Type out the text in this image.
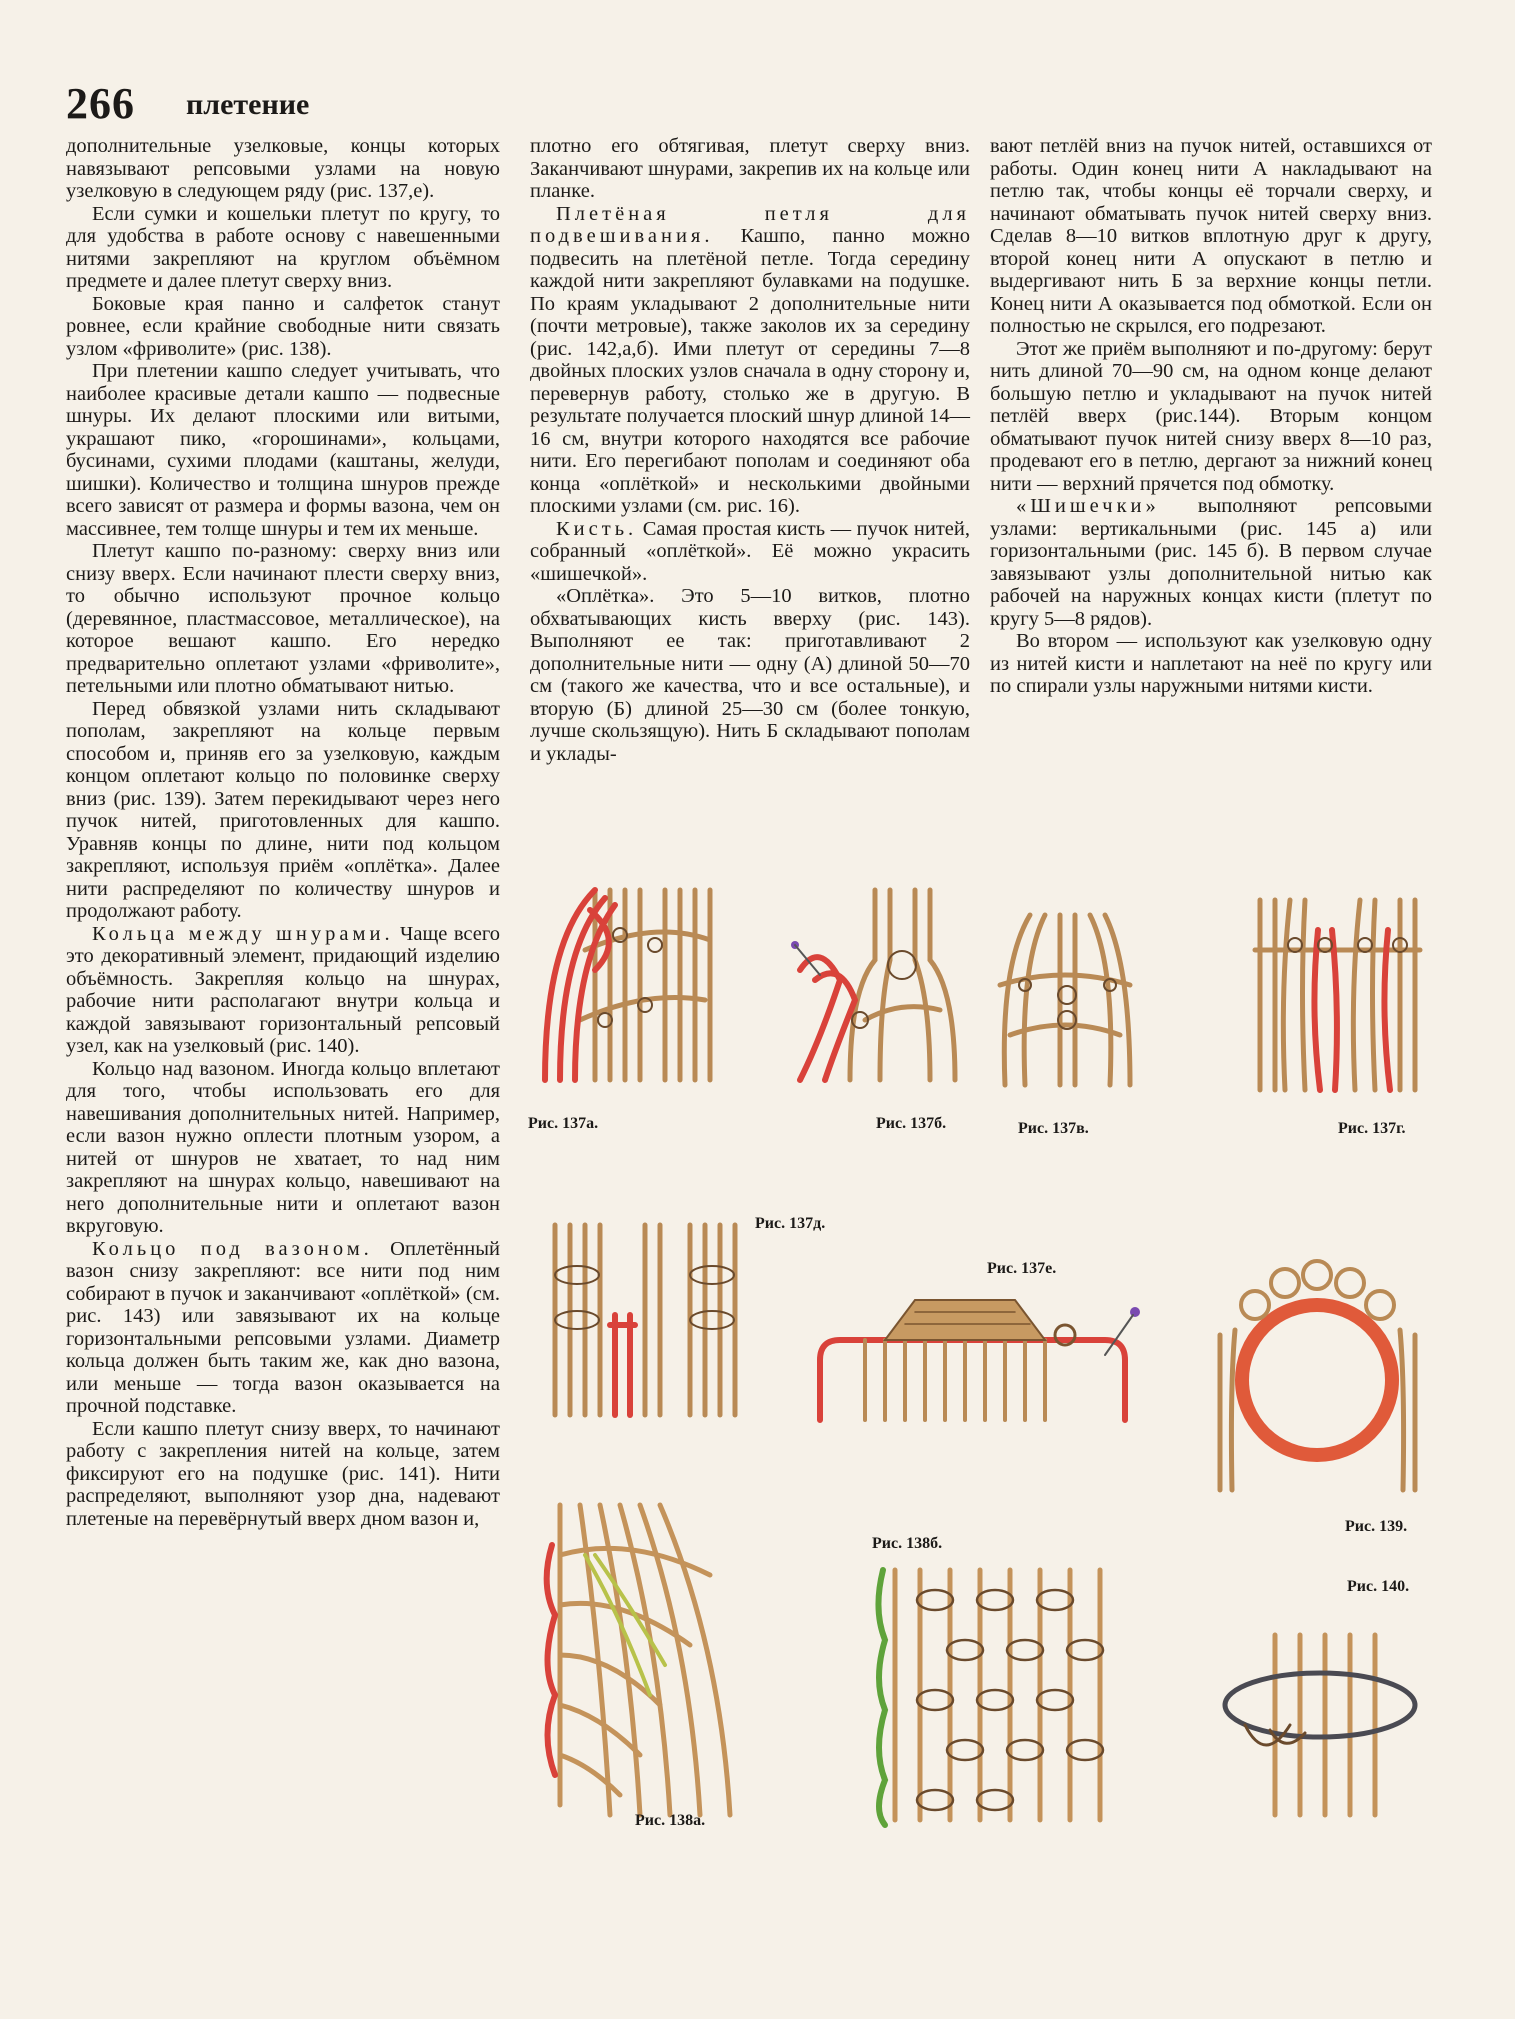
266 плетение

дополнительные узелковые, концы которых навязывают репсовыми узлами на новую узелковую в следующем ряду (рис. 137,е).

Если сумки и кошельки плетут по кругу, то для удобства в работе основу с навешенными нитями закрепляют на круглом объёмном предмете и далее плетут сверху вниз.

Боковые края панно и салфеток станут ровнее, если крайние свободные нити связать узлом «фриволите» (рис. 138).

При плетении кашпо следует учитывать, что наиболее красивые детали кашпо — подвесные шнуры. Их делают плоскими или витыми, украшают пико, «горошинами», кольцами, бусинами, сухими плодами (каштаны, желуди, шишки). Количество и толщина шнуров прежде всего зависят от размера и формы вазона, чем он массивнее, тем толще шнуры и тем их меньше.

Плетут кашпо по-разному: сверху вниз или снизу вверх. Если начинают плести сверху вниз, то обычно используют прочное кольцо (деревянное, пластмассовое, металлическое), на которое вешают кашпо. Его нередко предварительно оплетают узлами «фриволите», петельными или плотно обматывают нитью.

Перед обвязкой узлами нить складывают пополам, закрепляют на кольце первым способом и, приняв его за узелковую, каждым концом оплетают кольцо по половинке сверху вниз (рис. 139). Затем перекидывают через него пучок нитей, приготовленных для кашпо. Уравняв концы по длине, нити под кольцом закрепляют, используя приём «оплётка». Далее нити распределяют по количеству шнуров и продолжают работу.

Кольца между шнурами. Чаще всего это декоративный элемент, придающий изделию объёмность. Закрепляя кольцо на шнурах, рабочие нити располагают внутри кольца и каждой завязывают горизонтальный репсовый узел, как на узелковый (рис. 140).

Кольцо над вазоном. Иногда кольцо вплетают для того, чтобы использовать его для навешивания дополнительных нитей. Например, если вазон нужно оплести плотным узором, а нитей от шнуров не хватает, то над ним закрепляют на шнурах кольцо, навешивают на него дополнительные нити и оплетают вазон вкруговую.

Кольцо под вазоном. Оплетённый вазон снизу закрепляют: все нити под ним собирают в пучок и заканчивают «оплёткой» (см. рис. 143) или завязывают их на кольце горизонтальными репсовыми узлами. Диаметр кольца должен быть таким же, как дно вазона, или меньше — тогда вазон оказывается на прочной подставке.

Если кашпо плетут снизу вверх, то начинают работу с закрепления нитей на кольце, затем фиксируют его на подушке (рис. 141). Нити распределяют, выполняют узор дна, надевают плетеные на перевёрнутый вверх дном вазон и,

плотно его обтягивая, плетут сверху вниз. Заканчивают шнурами, закрепив их на кольце или планке.

Плетёная петля для подвешивания. Кашпо, панно можно подвесить на плетёной петле. Тогда середину каждой нити закрепляют булавками на подушке. По краям укладывают 2 дополнительные нити (почти метровые), также заколов их за середину (рис. 142,а,б). Ими плетут от середины 7—8 двойных плоских узлов сначала в одну сторону и, перевернув работу, столько же в другую. В результате получается плоский шнур длиной 14—16 см, внутри которого находятся все рабочие нити. Его перегибают пополам и соединяют оба конца «оплёткой» и несколькими двойными плоскими узлами (см. рис. 16).

Кисть. Самая простая кисть — пучок нитей, собранный «оплёткой». Её можно украсить «шишечкой».

«Оплётка». Это 5—10 витков, плотно обхватывающих кисть вверху (рис. 143). Выполняют ее так: приготавливают 2 дополнительные нити — одну (А) длиной 50—70 см (такого же качества, что и все остальные), и вторую (Б) длиной 25—30 см (более тонкую, лучше скользящую). Нить Б складывают пополам и уклады-

вают петлёй вниз на пучок нитей, оставшихся от работы. Один конец нити А накладывают на петлю так, чтобы концы её торчали сверху, и начинают обматывать пучок нитей сверху вниз. Сделав 8—10 витков вплотную друг к другу, второй конец нити А опускают в петлю и выдергивают нить Б за верхние концы петли. Конец нити А оказывается под обмоткой. Если он полностью не скрылся, его подрезают.

Этот же приём выполняют и по-другому: берут нить длиной 70—90 см, на одном конце делают большую петлю и укладывают на пучок нитей петлёй вверх (рис.144). Вторым концом обматывают пучок нитей снизу вверх 8—10 раз, продевают его в петлю, дергают за нижний конец нити — верхний прячется под обмотку.

«Шишечки» выполняют репсовыми узлами: вертикальными (рис. 145 а) или горизонтальными (рис. 145 б). В первом случае завязывают узлы дополнительной нитью как рабочей на наружных концах кисти (плетут по кругу 5—8 рядов).

Во втором — используют как узелковую одну из нитей кисти и наплетают на неё по кругу или по спирали узлы наружными нитями кисти.

Рис. 137а.	Рис. 137б.	Рис. 137в.	Рис. 137г.
Рис. 137д.
Рис. 137е.
Рис. 139.
Рис. 138а.
Рис. 138б.
Рис. 140.
